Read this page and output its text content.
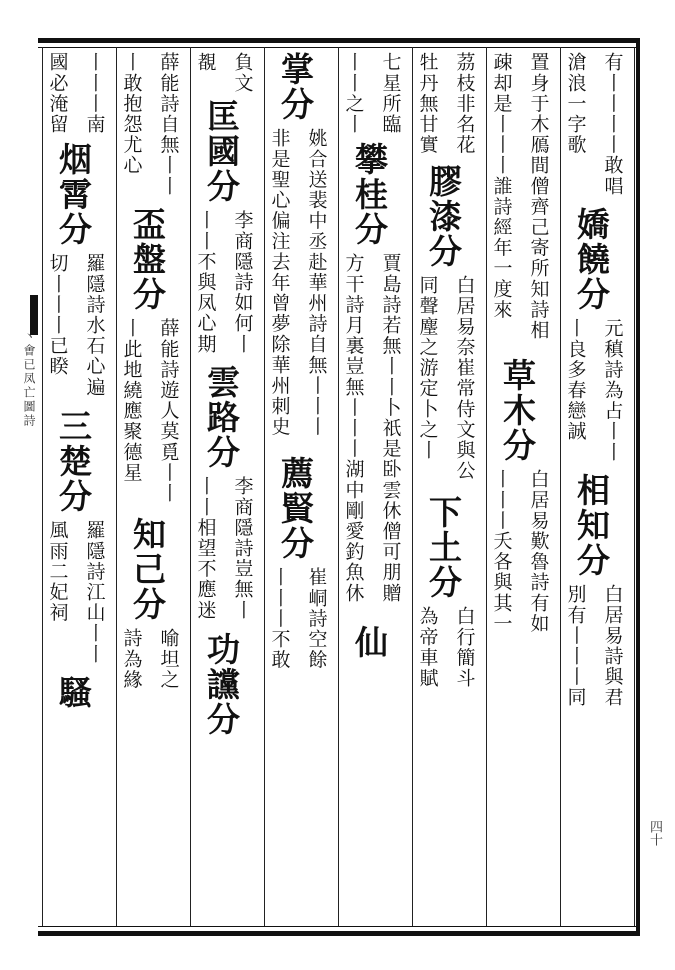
丶㑹已凤亡圖詩
四十
有丨丨丨丨敢唱
滄浪一字歌
嬌饒分
元稹詩為占丨丨
丨良多春戀誠
相知分
白居易詩與君
別有丨丨丨同
置身于木鴈間僧齊己寄所知詩相
疎却是丨丨丨誰詩經年一度來
草木分
白居易歎魯詩有如
丨丨丨夭各與其一
茘枝非名花
牡丹無甘實
膠漆分
白居易奈崔常侍文與公
同聲麈之游定卜之丨
下土分
白行簡斗
為帝車賦
七星所臨
丨丨之丨
攀桂分
賈島詩若無丨丨卜祇是卧雲休僧可朋贈
方干詩月裏豈無丨丨丨湖中剛愛釣魚休
仙
掌分
姚合送裴中丞赴華州詩自無丨丨丨
非是聖心偏注去年曾夢除華州刺史
薦賢分
崔峒詩空餘
丨丨丨不敢
負文
覩
匡國分
李商隱詩如何丨
丨丨不與凤心期
雲路分
李商隱詩豈無丨
丨丨相望不應迷
功讜分
薛能詩自無丨丨
丨敢抱怨尤心
盃盤分
薛能詩遊人莫覓丨丨
丨此地繞應聚德星
知己分
喻坦之
詩為緣
丨丨丨南
國必淹留
烟霄分
羅隱詩水石心遍
切丨丨丨已睽
三楚分
羅隱詩江山丨丨
風雨二妃祠
騷
